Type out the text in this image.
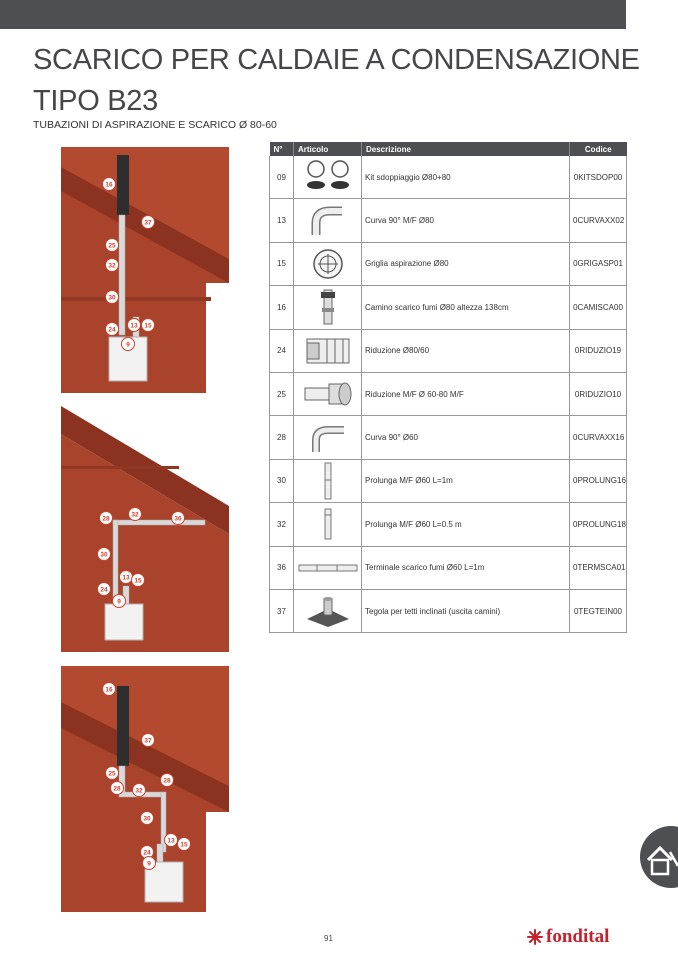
SCARICO PER CALDAIE A CONDENSAZIONE
TIPO B23
TUBAZIONI DI ASPIRAZIONE E SCARICO Ø 80-60
16
37
25
32
30
24
13 15
9
28
32
36
30
13 15
24
9
16
37
25
28
28 32
30
13
15
24
9
N°	Articolo	Descrizione	Codice
09		Kit sdoppiaggio Ø80+80	0KITSDOP00
13		Curva 90° M/F Ø80	0CURVAXX02
15		Griglia aspirazione Ø80	0GRIGASP01
16		Camino scarico fumi Ø80 altezza 138cm	0CAMISCA00
24		Riduzione Ø80/60	0RIDUZIO19
25		Riduzione M/F Ø 60-80 M/F	0RIDUZIO10
28		Curva 90° Ø60	0CURVAXX16
30		Prolunga M/F Ø60 L=1m	0PROLUNG16
32		Prolunga M/F Ø60 L=0.5 m	0PROLUNG18
36		Terminale scarico fumi Ø60 L=1m	0TERMSCA01
37		Tegola per tetti inclinati (uscita camini)	0TEGTEIN00
91	fondital
